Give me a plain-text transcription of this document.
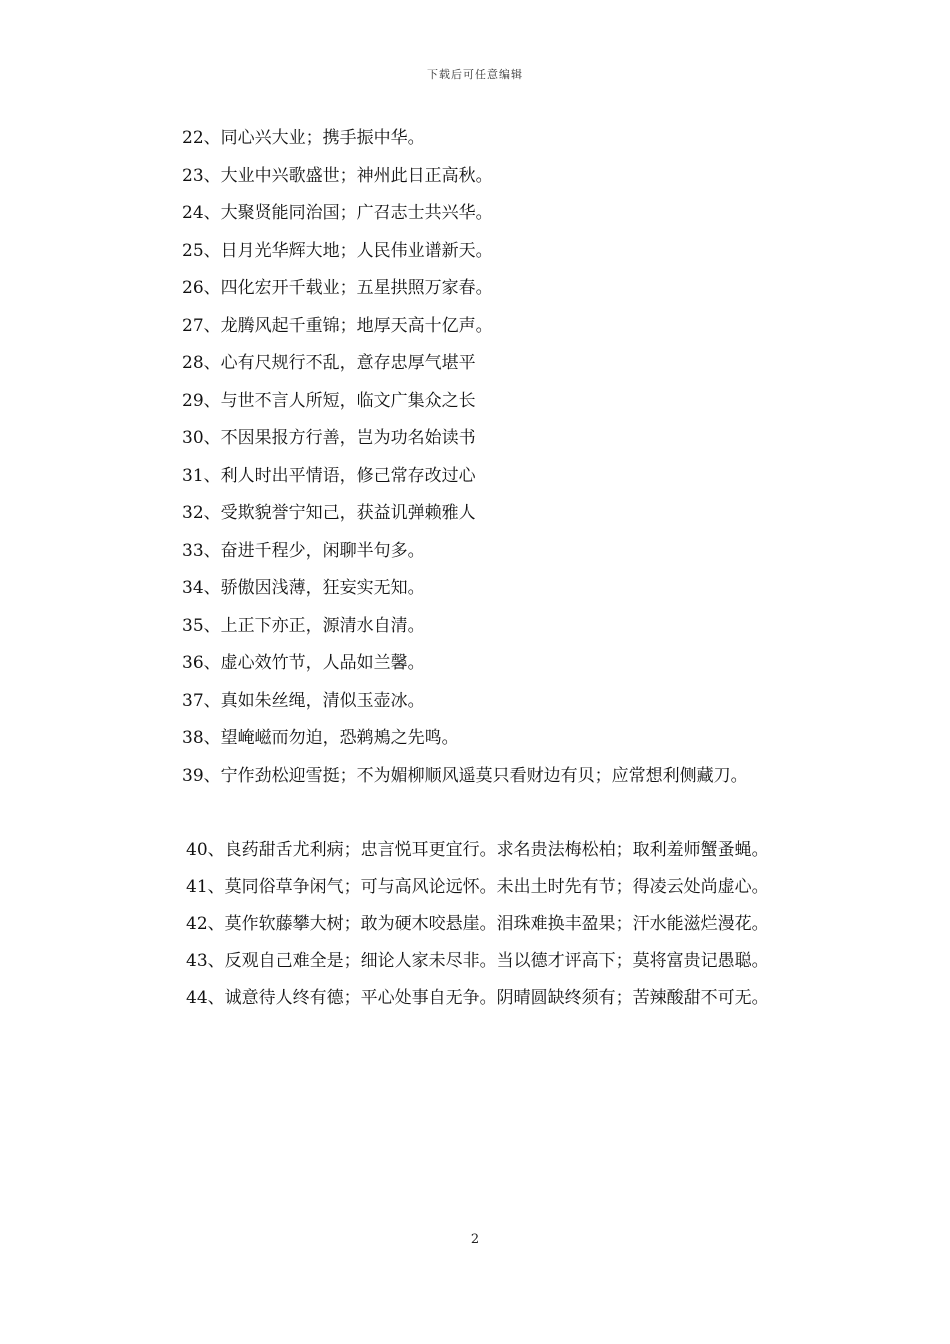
下载后可任意编辑
22、同心兴大业；携手振中华。
23、大业中兴歌盛世；神州此日正高秋。
24、大聚贤能同治国；广召志士共兴华。
25、日月光华辉大地；人民伟业谱新天。
26、四化宏开千载业；五星拱照万家春。
27、龙腾风起千重锦；地厚天高十亿声。
28、心有尺规行不乱，意存忠厚气堪平
29、与世不言人所短，临文广集众之长
30、不因果报方行善，岂为功名始读书
31、利人时出平情语，修己常存改过心
32、受欺貌誉宁知己，获益讥弹赖雅人
33、奋进千程少，闲聊半句多。
34、骄傲因浅薄，狂妄实无知。
35、上正下亦正，源清水自清。
36、虚心效竹节，人品如兰馨。
37、真如朱丝绳，清似玉壶冰。
38、望崦嵫而勿迫，恐鹈鴂之先鸣。
39、宁作劲松迎雪挺；不为媚柳顺风遥莫只看财边有贝；应常想利侧藏刀。

40、良药甜舌尤利病；忠言悦耳更宜行。求名贵法梅松柏；取利羞师蟹蚤蝇。

41、莫同俗草争闲气；可与高风论远怀。未出土时先有节；得凌云处尚虚心。

42、莫作软藤攀大树；敢为硬木咬悬崖。泪珠难换丰盈果；汗水能滋烂漫花。

43、反观自己难全是；细论人家未尽非。当以德才评高下；莫将富贵记愚聪。

44、诚意待人终有德；平心处事自无争。阴晴圆缺终须有；苦辣酸甜不可无。

2
